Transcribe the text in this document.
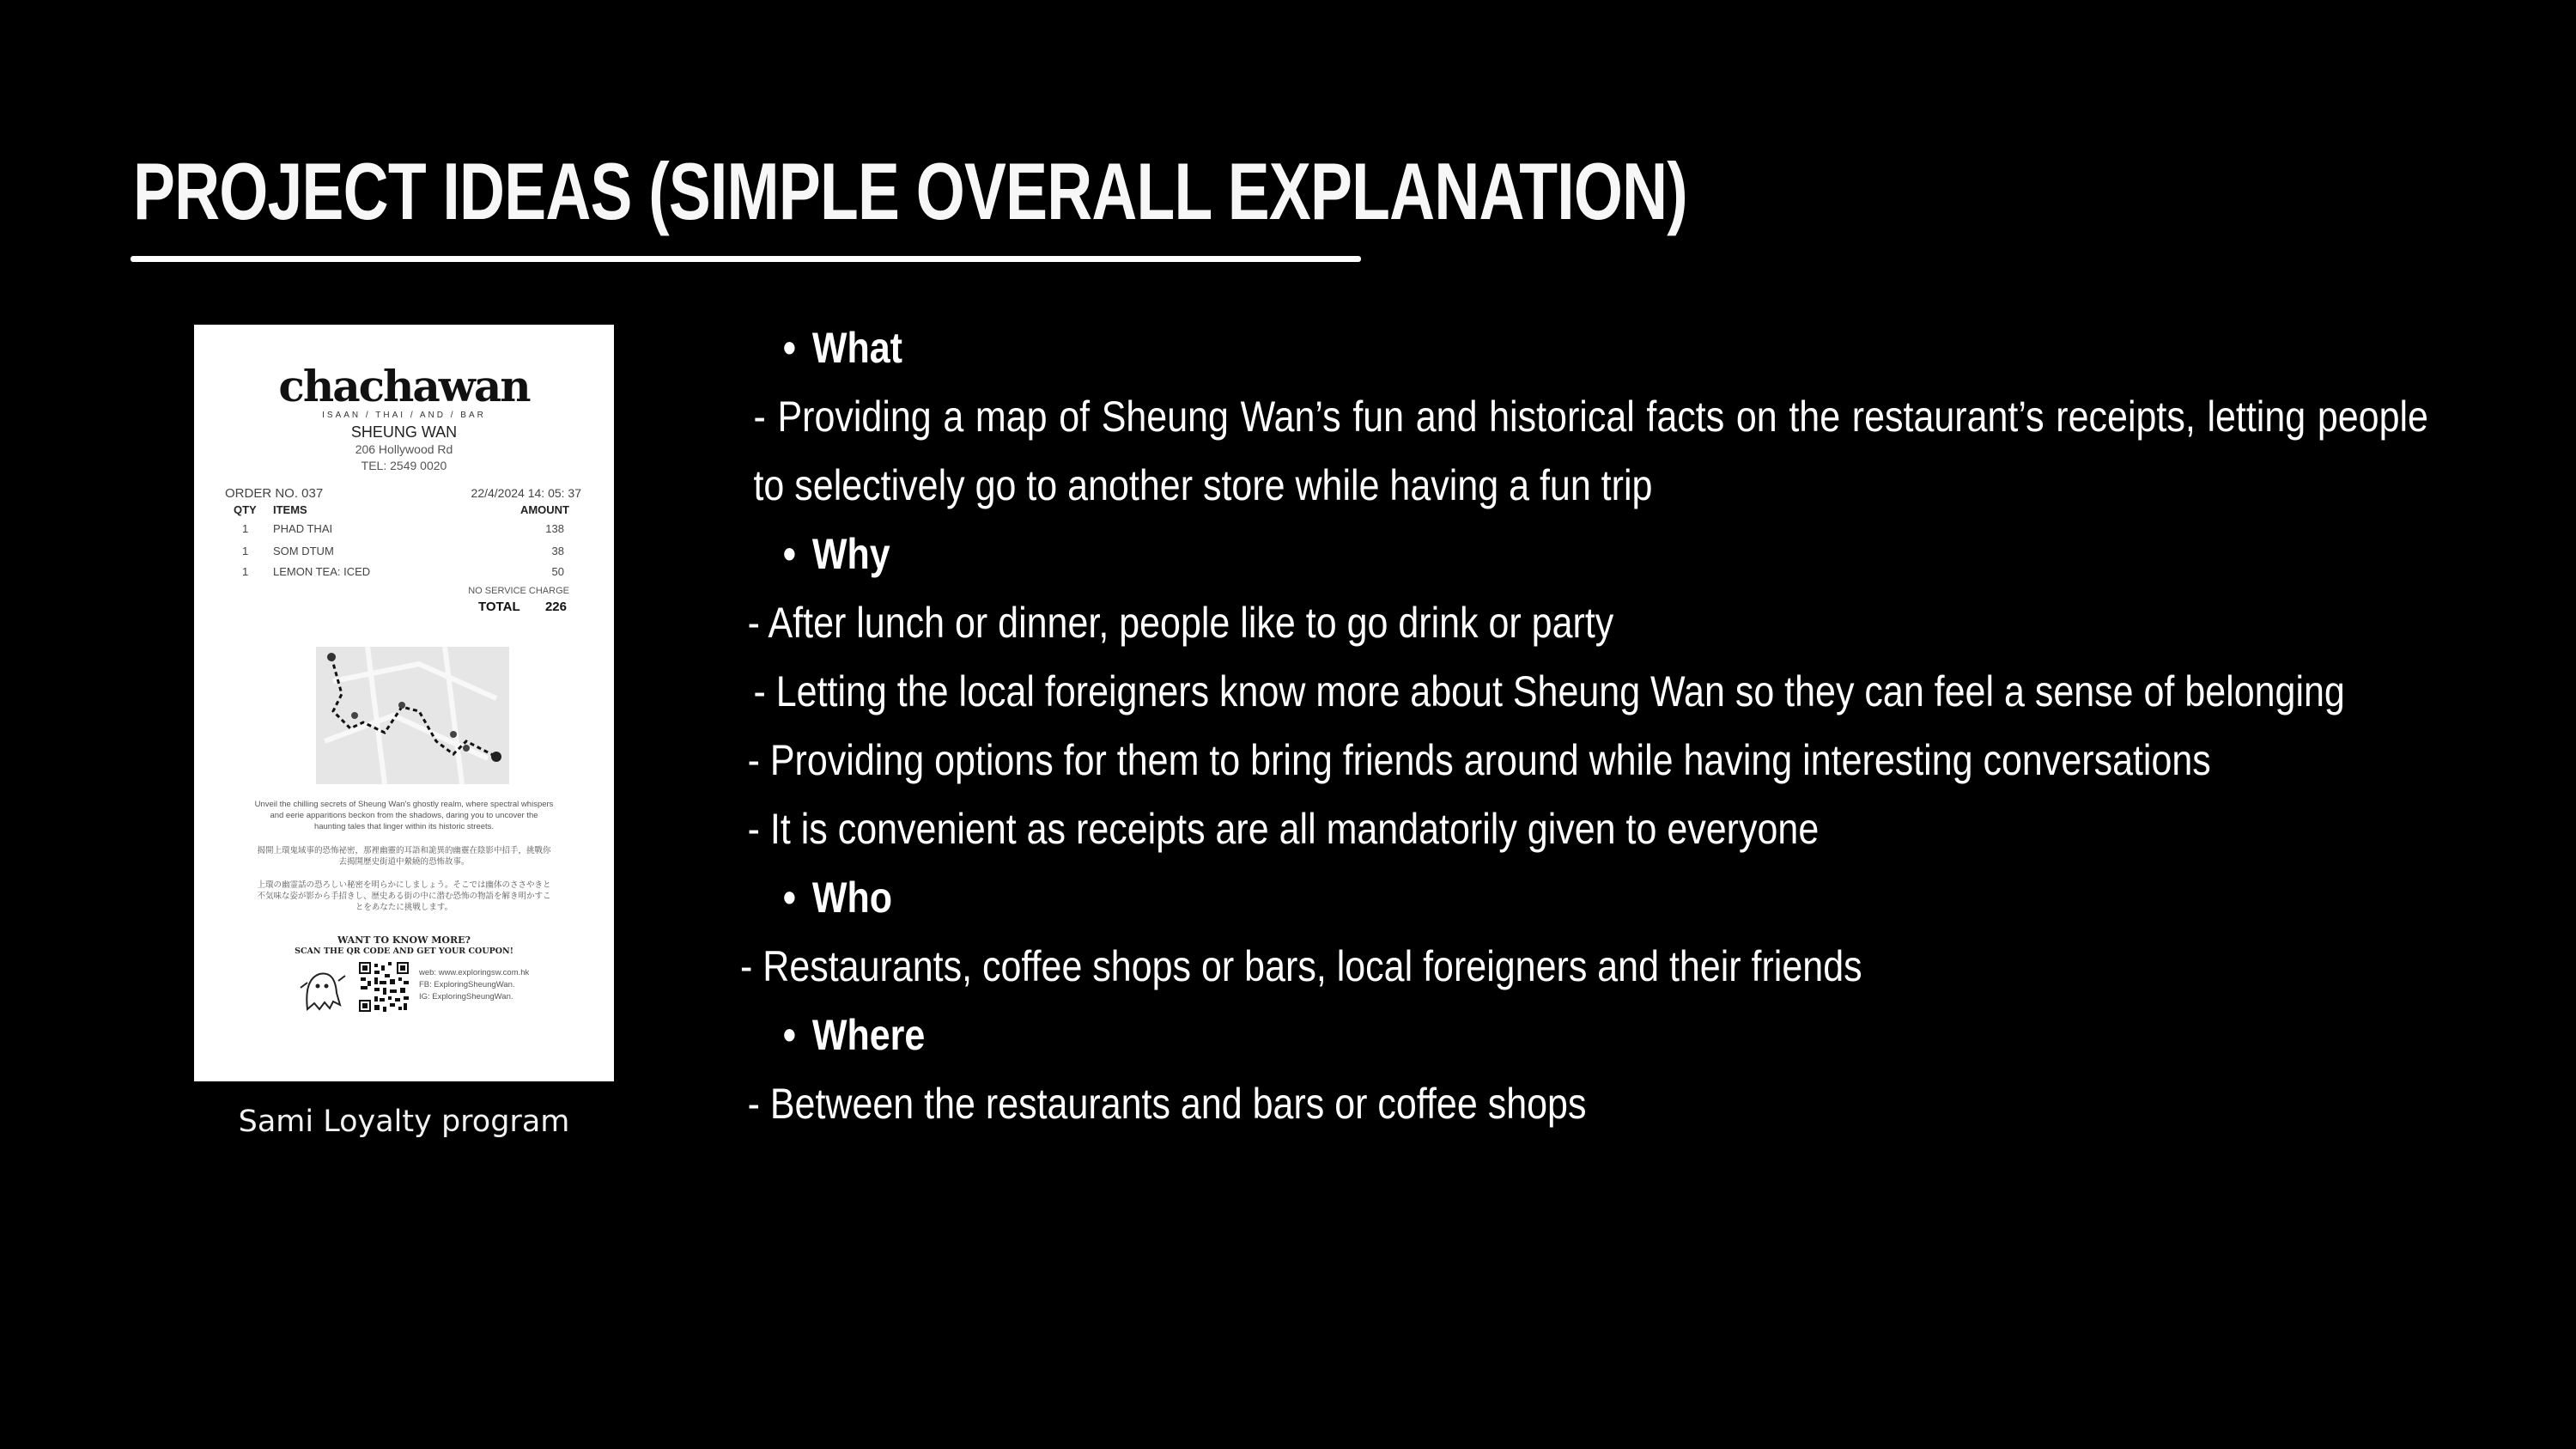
PROJECT IDEAS (SIMPLE OVERALL EXPLANATION)
chachawan
ISAAN / THAI / AND / BAR
SHEUNG WAN
206 Hollywood Rd
TEL: 2549 0020
ORDER NO. 037	22/4/2024 14: 05: 37
QTY ITEMS	AMOUNT
1 PHAD THAI	138
1 SOM DTUM	38
1 LEMON TEA: ICED	50
NO SERVICE CHARGE
TOTAL 226
Unveil the chilling secrets of Sheung Wan's ghostly realm, where spectral whispers and eerie apparitions beckon from the shadows, daring you to uncover the haunting tales that linger within its historic streets.
揭開上環鬼域事的恐怖祕密，那裡幽靈的耳語和詭異的幽靈在陰影中招手，挑戰你去揭開歷史街道中縈繞的恐怖故事。
上環の幽霊話の恐ろしい秘密を明らかにしましょう。そこでは幽体のささやきと不気味な姿が影から手招きし、歴史ある街の中に潜む恐怖の物語を解き明かすことをあなたに挑戦します。
WANT TO KNOW MORE?
SCAN THE QR CODE AND GET YOUR COUPON!
web: www.exploringsw.com.hk
FB: ExploringSheungWan.
IG: ExploringSheungWan.
Sami Loyalty program
• What
- Providing a map of Sheung Wan’s fun and historical facts on the restaurant’s receipts, letting people to selectively go to another store while having a fun trip
• Why
- After lunch or dinner, people like to go drink or party
- Letting the local foreigners know more about Sheung Wan so they can feel a sense of belonging
- Providing options for them to bring friends around while having interesting conversations
- It is convenient as receipts are all mandatorily given to everyone
• Who
- Restaurants, coffee shops or bars, local foreigners and their friends
• Where
- Between the restaurants and bars or coffee shops
